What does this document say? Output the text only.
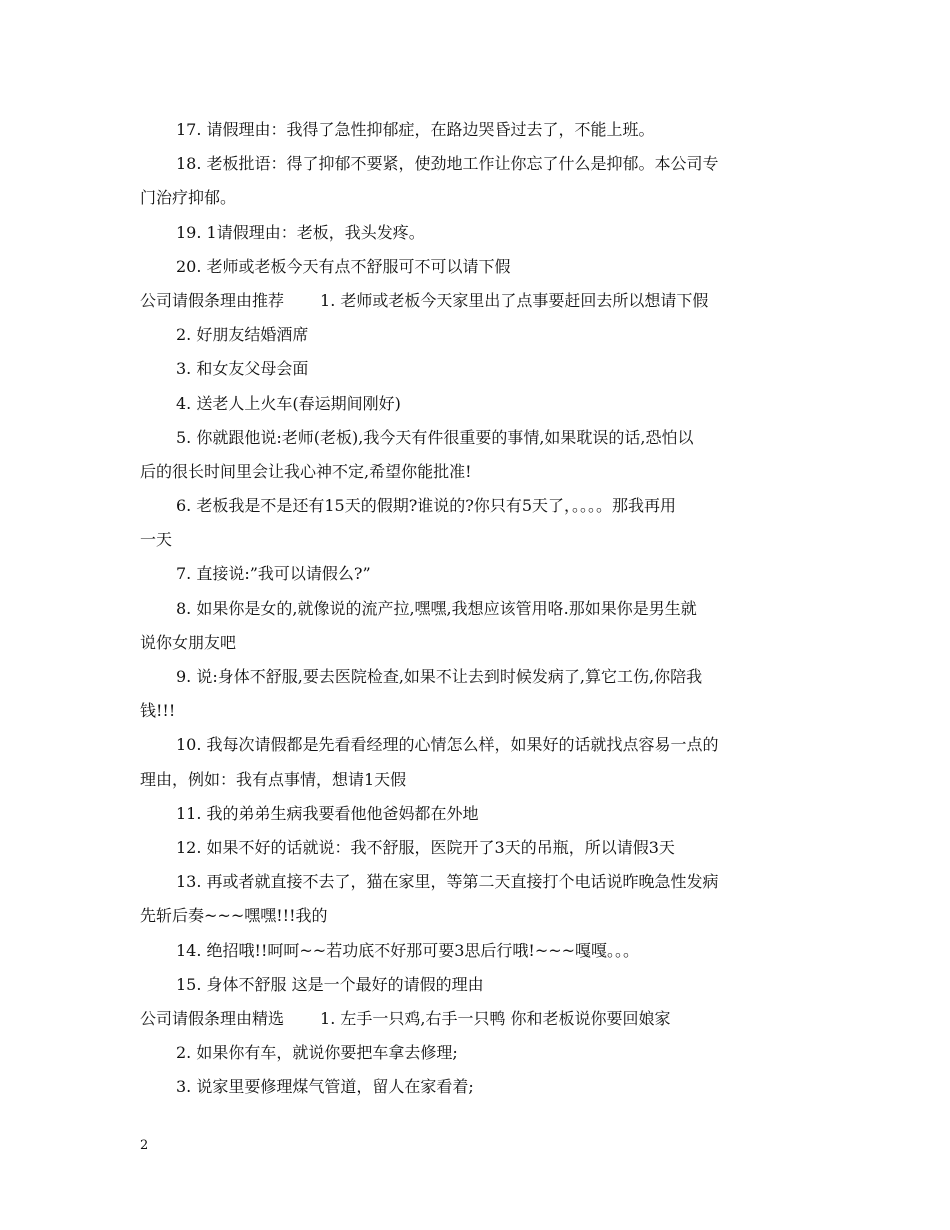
17. 请假理由：我得了急性抑郁症，在路边哭昏过去了，不能上班。
18. 老板批语：得了抑郁不要紧，使劲地工作让你忘了什么是抑郁。本公司专
门治疗抑郁。
19. 1请假理由：老板，我头发疼。
20. 老师或老板今天有点不舒服可不可以请下假
公司请假条理由推荐 1. 老师或老板今天家里出了点事要赶回去所以想请下假
2. 好朋友结婚酒席
3. 和女友父母会面
4. 送老人上火车(春运期间刚好)
5. 你就跟他说:老师(老板),我今天有件很重要的事情,如果耽误的话,恐怕以
后的很长时间里会让我心神不定,希望你能批准!
6. 老板我是不是还有15天的假期?谁说的?你只有5天了，。。。。那我再用
一天
7. 直接说:”我可以请假么?”
8. 如果你是女的,就像说的流产拉,嘿嘿,我想应该管用咯.那如果你是男生就
说你女朋友吧
9. 说:身体不舒服,要去医院检查,如果不让去到时候发病了,算它工伤,你陪我
钱!!!
10. 我每次请假都是先看看经理的心情怎么样，如果好的话就找点容易一点的
理由，例如：我有点事情，想请1天假
11. 我的弟弟生病我要看他他爸妈都在外地
12. 如果不好的话就说：我不舒服，医院开了3天的吊瓶，所以请假3天
13. 再或者就直接不去了，猫在家里，等第二天直接打个电话说昨晚急性发病
先斩后奏~~~嘿嘿!!!我的
14. 绝招哦!!呵呵~~若功底不好那可要3思后行哦!~~~嘎嘎。。。
15. 身体不舒服 这是一个最好的请假的理由
公司请假条理由精选 1. 左手一只鸡,右手一只鸭 你和老板说你要回娘家
2. 如果你有车，就说你要把车拿去修理;
3. 说家里要修理煤气管道，留人在家看着;
2
